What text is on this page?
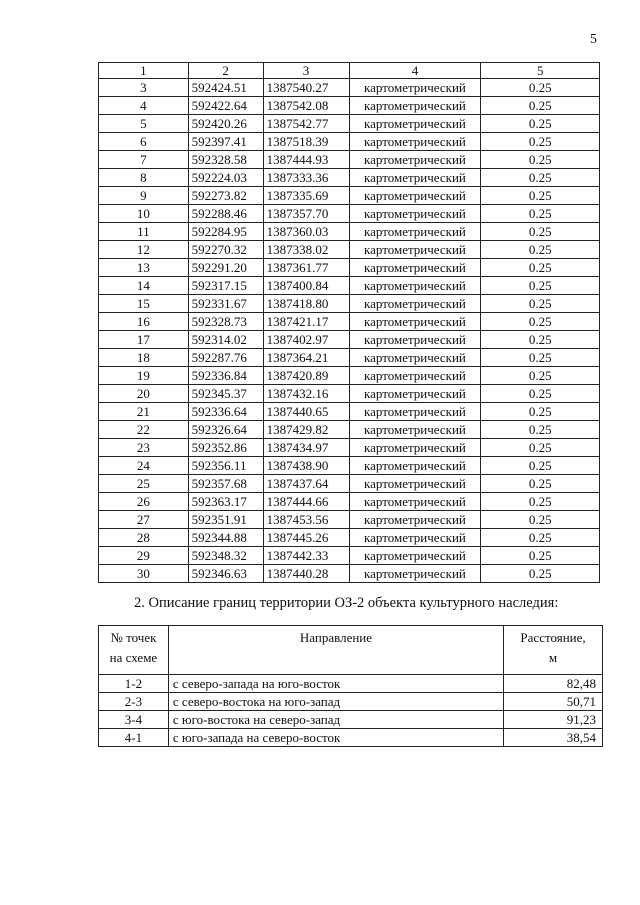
5
1	2	3	4	5
3	592424.51	1387540.27	картометрический	0.25
4	592422.64	1387542.08	картометрический	0.25
5	592420.26	1387542.77	картометрический	0.25
6	592397.41	1387518.39	картометрический	0.25
7	592328.58	1387444.93	картометрический	0.25
8	592224.03	1387333.36	картометрический	0.25
9	592273.82	1387335.69	картометрический	0.25
10	592288.46	1387357.70	картометрический	0.25
11	592284.95	1387360.03	картометрический	0.25
12	592270.32	1387338.02	картометрический	0.25
13	592291.20	1387361.77	картометрический	0.25
14	592317.15	1387400.84	картометрический	0.25
15	592331.67	1387418.80	картометрический	0.25
16	592328.73	1387421.17	картометрический	0.25
17	592314.02	1387402.97	картометрический	0.25
18	592287.76	1387364.21	картометрический	0.25
19	592336.84	1387420.89	картометрический	0.25
20	592345.37	1387432.16	картометрический	0.25
21	592336.64	1387440.65	картометрический	0.25
22	592326.64	1387429.82	картометрический	0.25
23	592352.86	1387434.97	картометрический	0.25
24	592356.11	1387438.90	картометрический	0.25
25	592357.68	1387437.64	картометрический	0.25
26	592363.17	1387444.66	картометрический	0.25
27	592351.91	1387453.56	картометрический	0.25
28	592344.88	1387445.26	картометрический	0.25
29	592348.32	1387442.33	картометрический	0.25
30	592346.63	1387440.28	картометрический	0.25
2. Описание границ территории ОЗ-2 объекта культурного наследия:
№ точек
на схеме	Направление	Расстояние,
м
1-2	с северо-запада на юго-восток	82,48
2-3	с северо-востока на юго-запад	50,71
3-4	с юго-востока на северо-запад	91,23
4-1	с юго-запада на северо-восток	38,54
